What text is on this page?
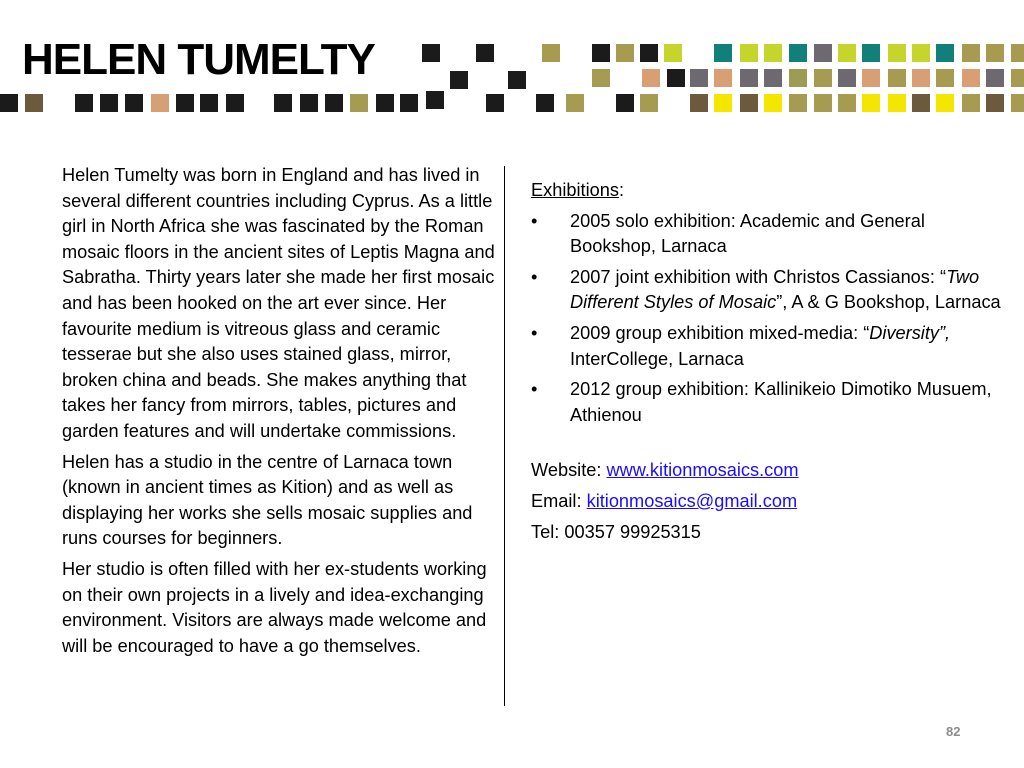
HELEN TUMELTY

Helen Tumelty was born in England and has lived in several different countries including Cyprus. As a little girl in North Africa she was fascinated by the Roman mosaic floors in the ancient sites of Leptis Magna and Sabratha. Thirty years later she made her first mosaic and has been hooked on the art ever since. Her favourite medium is vitreous glass and ceramic tesserae but she also uses stained glass, mirror, broken china and beads. She makes anything that takes her fancy from mirrors, tables, pictures and garden features and will undertake commissions.

Helen has a studio in the centre of Larnaca town (known in ancient times as Kition) and as well as displaying her works she sells mosaic supplies and runs courses for beginners.

Her studio is often filled with her ex-students working on their own projects in a lively and idea-exchanging environment. Visitors are always made welcome and will be encouraged to have a go themselves.

Exhibitions:

• 2005 solo exhibition: Academic and General Bookshop, Larnaca
• 2007 joint exhibition with Christos Cassianos: “Two Different Styles of Mosaic”, A & G Bookshop, Larnaca
• 2009 group exhibition mixed-media: “Diversity”, InterCollege, Larnaca
• 2012 group exhibition: Kallinikeio Dimotiko Musuem, Athienou

Website: www.kitionmosaics.com

Email: kitionmosaics@gmail.com

Tel: 00357 99925315

82
